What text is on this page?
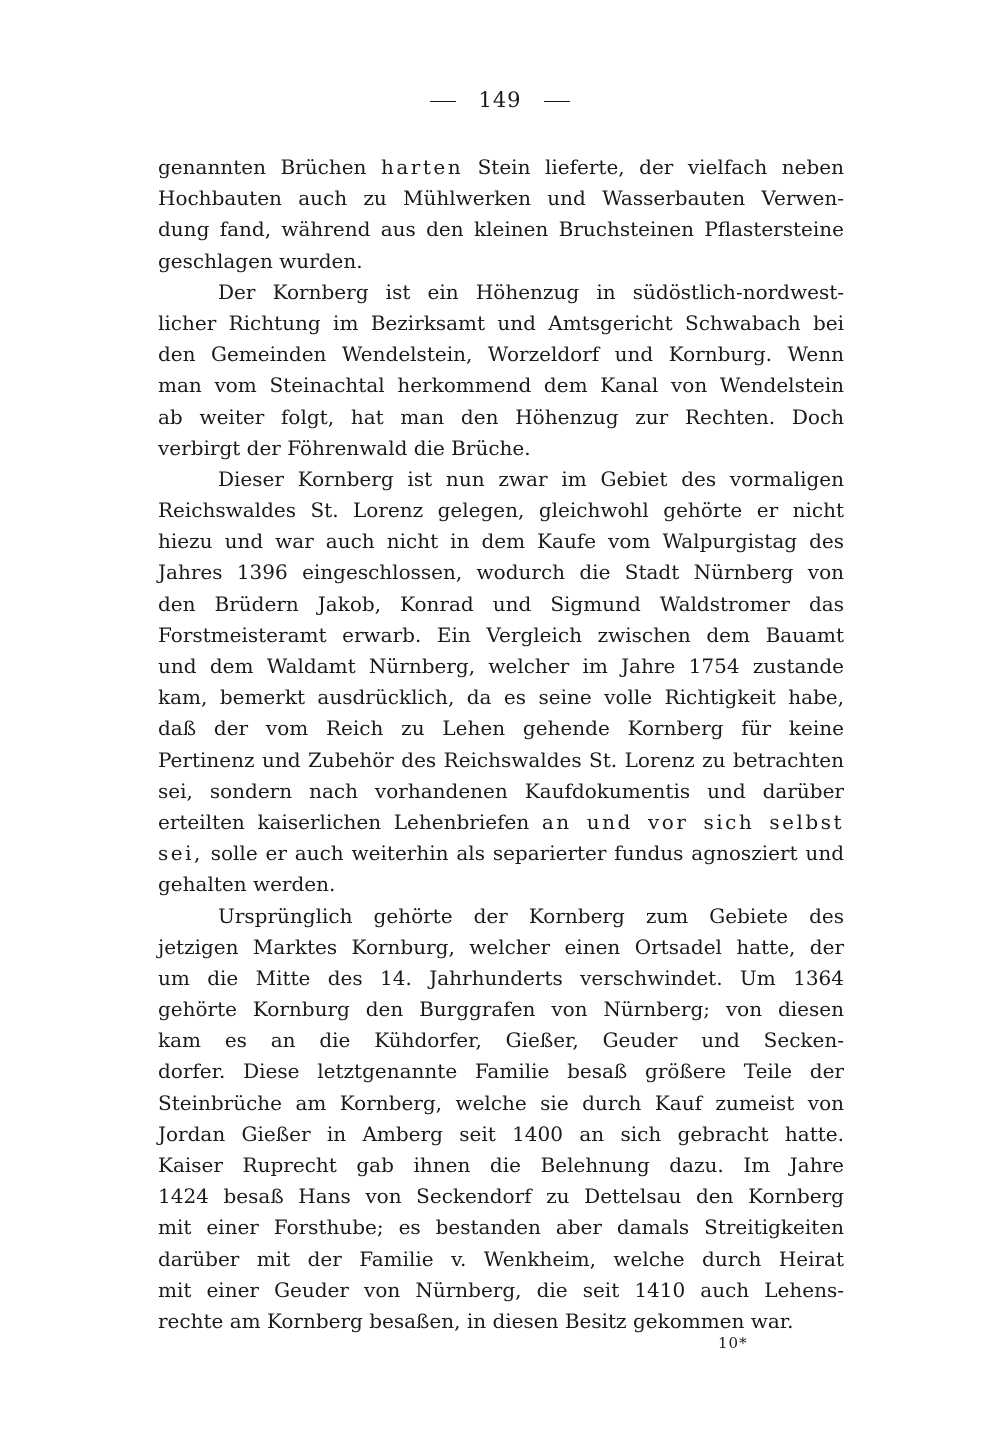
149
genannten Brüchen harten Stein lieferte, der vielfach neben
Hochbauten auch zu Mühlwerken und Wasserbauten Verwen-
dung fand, während aus den kleinen Bruchsteinen Pflastersteine
geschlagen wurden.
Der Kornberg ist ein Höhenzug in südöstlich-nordwest-
licher Richtung im Bezirksamt und Amtsgericht Schwabach bei
den Gemeinden Wendelstein, Worzeldorf und Kornburg. Wenn
man vom Steinachtal herkommend dem Kanal von Wendelstein
ab weiter folgt, hat man den Höhenzug zur Rechten. Doch
verbirgt der Föhrenwald die Brüche.
Dieser Kornberg ist nun zwar im Gebiet des vormaligen
Reichswaldes St. Lorenz gelegen, gleichwohl gehörte er nicht
hiezu und war auch nicht in dem Kaufe vom Walpurgistag des
Jahres 1396 eingeschlossen, wodurch die Stadt Nürnberg von
den Brüdern Jakob, Konrad und Sigmund Waldstromer das
Forstmeisteramt erwarb. Ein Vergleich zwischen dem Bauamt
und dem Waldamt Nürnberg, welcher im Jahre 1754 zustande
kam, bemerkt ausdrücklich, da es seine volle Richtigkeit habe,
daß der vom Reich zu Lehen gehende Kornberg für keine
Pertinenz und Zubehör des Reichswaldes St. Lorenz zu betrachten
sei, sondern nach vorhandenen Kaufdokumentis und darüber
erteilten kaiserlichen Lehenbriefen an und vor sich selbst
sei, solle er auch weiterhin als separierter fundus agnosziert und
gehalten werden.
Ursprünglich gehörte der Kornberg zum Gebiete des
jetzigen Marktes Kornburg, welcher einen Ortsadel hatte, der
um die Mitte des 14. Jahrhunderts verschwindet. Um 1364
gehörte Kornburg den Burggrafen von Nürnberg; von diesen
kam es an die Kühdorfer, Gießer, Geuder und Secken-
dorfer. Diese letztgenannte Familie besaß größere Teile der
Steinbrüche am Kornberg, welche sie durch Kauf zumeist von
Jordan Gießer in Amberg seit 1400 an sich gebracht hatte.
Kaiser Ruprecht gab ihnen die Belehnung dazu. Im Jahre
1424 besaß Hans von Seckendorf zu Dettelsau den Kornberg
mit einer Forsthube; es bestanden aber damals Streitigkeiten
darüber mit der Familie v. Wenkheim, welche durch Heirat
mit einer Geuder von Nürnberg, die seit 1410 auch Lehens-
rechte am Kornberg besaßen, in diesen Besitz gekommen war.
10*
